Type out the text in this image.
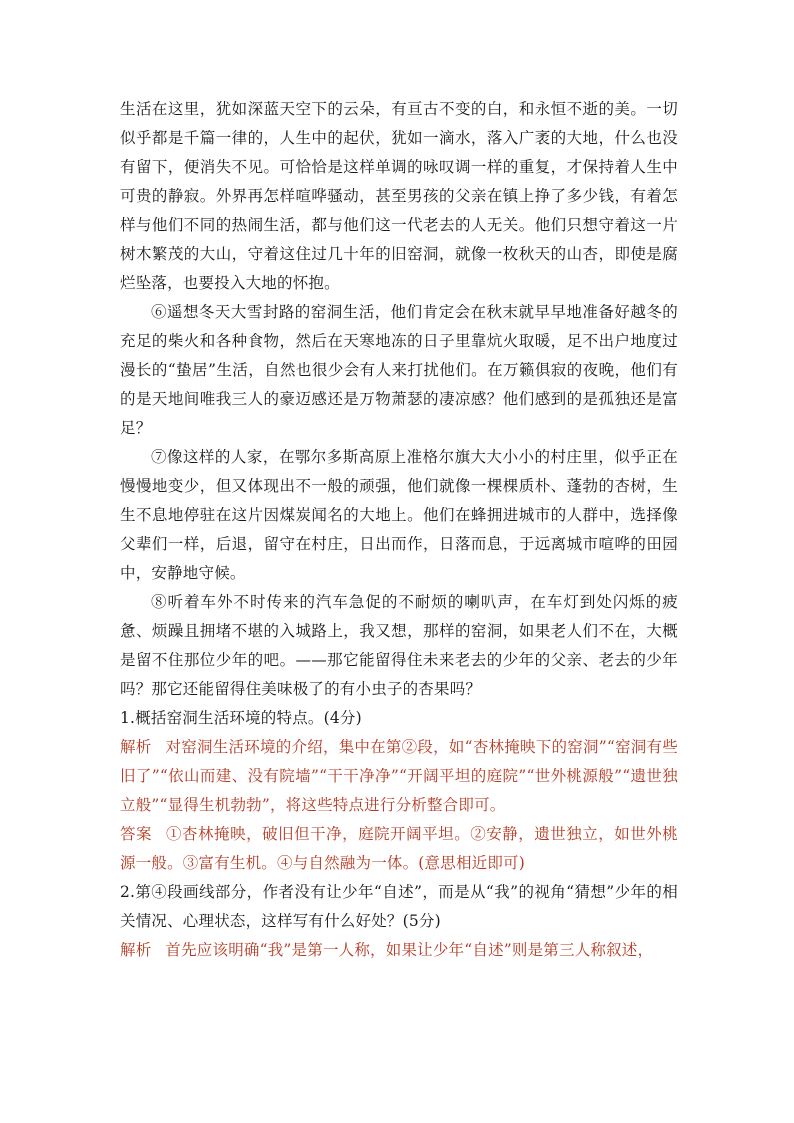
生活在这里，犹如深蓝天空下的云朵，有亘古不变的白，和永恒不逝的美。一切似乎都是千篇一律的，人生中的起伏，犹如一滴水，落入广袤的大地，什么也没有留下，便消失不见。可恰恰是这样单调的咏叹调一样的重复，才保持着人生中可贵的静寂。外界再怎样喧哗骚动，甚至男孩的父亲在镇上挣了多少钱，有着怎样与他们不同的热闹生活，都与他们这一代老去的人无关。他们只想守着这一片树木繁茂的大山，守着这住过几十年的旧窑洞，就像一枚秋天的山杏，即使是腐烂坠落，也要投入大地的怀抱。

⑥遥想冬天大雪封路的窑洞生活，他们肯定会在秋末就早早地准备好越冬的充足的柴火和各种食物，然后在天寒地冻的日子里靠炕火取暖，足不出户地度过漫长的“蛰居”生活，自然也很少会有人来打扰他们。在万籁俱寂的夜晚，他们有的是天地间唯我三人的豪迈感还是万物萧瑟的凄凉感？他们感到的是孤独还是富足？

⑦像这样的人家，在鄂尔多斯高原上准格尔旗大大小小的村庄里，似乎正在慢慢地变少，但又体现出不一般的顽强，他们就像一棵棵质朴、蓬勃的杏树，生生不息地停驻在这片因煤炭闻名的大地上。他们在蜂拥进城市的人群中，选择像父辈们一样，后退，留守在村庄，日出而作，日落而息，于远离城市喧哗的田园中，安静地守候。

⑧听着车外不时传来的汽车急促的不耐烦的喇叭声，在车灯到处闪烁的疲惫、烦躁且拥堵不堪的入城路上，我又想，那样的窑洞，如果老人们不在，大概是留不住那位少年的吧。——那它能留得住未来老去的少年的父亲、老去的少年吗？那它还能留得住美味极了的有小虫子的杏果吗？

1.概括窑洞生活环境的特点。(4分)

解析 对窑洞生活环境的介绍，集中在第②段，如“杏林掩映下的窑洞”“窑洞有些旧了”“依山而建、没有院墙”“干干净净”“开阔平坦的庭院”“世外桃源般”“遗世独立般”“显得生机勃勃”，将这些特点进行分析整合即可。

答案 ①杏林掩映，破旧但干净，庭院开阔平坦。②安静，遗世独立，如世外桃源一般。③富有生机。④与自然融为一体。(意思相近即可)

2.第④段画线部分，作者没有让少年“自述”，而是从“我”的视角“猜想”少年的相关情况、心理状态，这样写有什么好处？(5分)

解析 首先应该明确“我”是第一人称，如果让少年“自述”则是第三人称叙述，
